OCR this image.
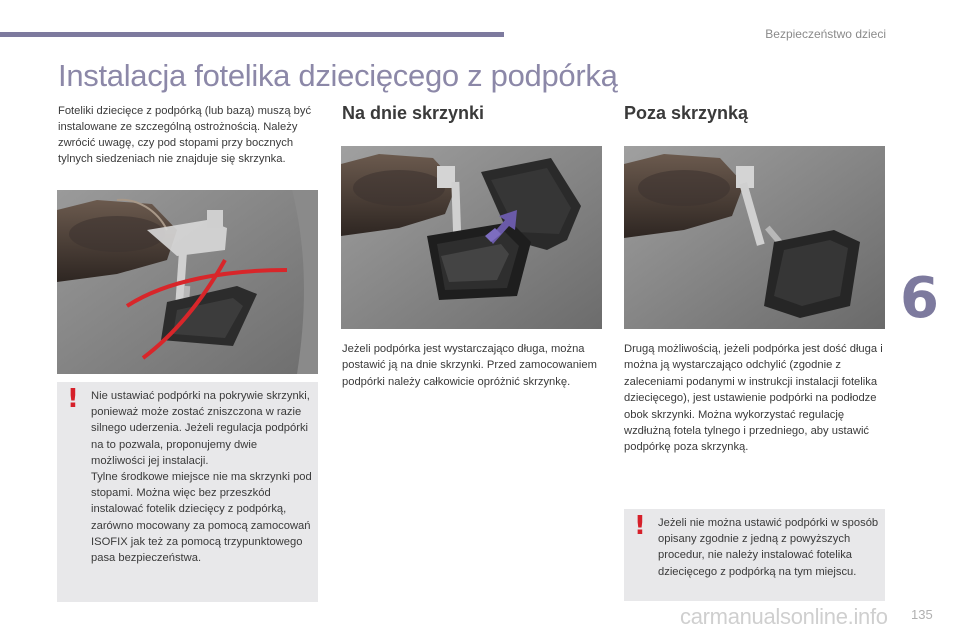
Bezpieczeństwo dzieci
6
Instalacja fotelika dziecięcego z podpórką

Foteliki dziecięce z podpórką (lub bazą) muszą być instalowane ze szczególną ostrożnością. Należy zwrócić uwagę, czy pod stopami przy bocznych tylnych siedzeniach nie znajduje się skrzynka.

Na dnie skrzynki	Poza skrzynką

Jeżeli podpórka jest wystarczająco długa, można postawić ją na dnie skrzynki. Przed zamocowaniem podpórki należy całkowicie opróżnić skrzynkę.

Drugą możliwością, jeżeli podpórka jest dość długa i można ją wystarczająco odchylić (zgodnie z zaleceniami podanymi w instrukcji instalacji fotelika dziecięcego), jest ustawienie podpórki na podłodze obok skrzynki. Można wykorzystać regulację wzdłużną fotela tylnego i przedniego, aby ustawić podpórkę poza skrzynką.

! Nie ustawiać podpórki na pokrywie skrzynki, ponieważ może zostać zniszczona w razie silnego uderzenia. Jeżeli regulacja podpórki na to pozwala, proponujemy dwie możliwości jej instalacji.
Tylne środkowe miejsce nie ma skrzynki pod stopami. Można więc bez przeszkód instalować fotelik dziecięcy z podpórką, zarówno mocowany za pomocą zamocowań ISOFIX jak też za pomocą trzypunktowego pasa bezpieczeństwa.

! Jeżeli nie można ustawić podpórki w sposób opisany zgodnie z jedną z powyższych procedur, nie należy instalować fotelika dziecięcego z podpórką na tym miejscu.

carmanualsonline.info 135
